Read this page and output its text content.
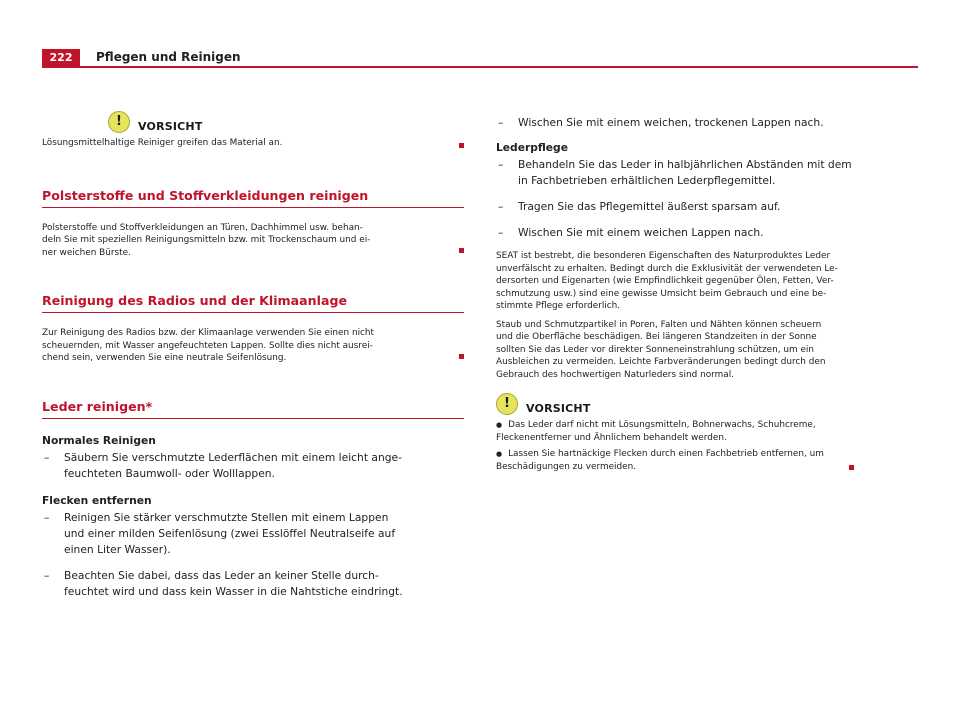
222	Pflegen und Reinigen
!	VORSICHT
Lösungsmittelhaltige Reiniger greifen das Material an.
Polsterstoffe und Stoffverkleidungen reinigen
Polsterstoffe und Stoffverkleidungen an Türen, Dachhimmel usw. behan-
deln Sie mit speziellen Reinigungsmitteln bzw. mit Trockenschaum und ei-
ner weichen Bürste.
Reinigung des Radios und der Klimaanlage
Zur Reinigung des Radios bzw. der Klimaanlage verwenden Sie einen nicht
scheuernden, mit Wasser angefeuchteten Lappen. Sollte dies nicht ausrei-
chend sein, verwenden Sie eine neutrale Seifenlösung.
Leder reinigen*
Normales Reinigen
– Säubern Sie verschmutzte Lederflächen mit einem leicht ange-
feuchteten Baumwoll- oder Wolllappen.
Flecken entfernen
– Reinigen Sie stärker verschmutzte Stellen mit einem Lappen
und einer milden Seifenlösung (zwei Esslöffel Neutralseife auf
einen Liter Wasser).
– Beachten Sie dabei, dass das Leder an keiner Stelle durch-
feuchtet wird und dass kein Wasser in die Nahtstiche eindringt.
– Wischen Sie mit einem weichen, trockenen Lappen nach.
Lederpflege
– Behandeln Sie das Leder in halbjährlichen Abständen mit dem
in Fachbetrieben erhältlichen Lederpflegemittel.
– Tragen Sie das Pflegemittel äußerst sparsam auf.
– Wischen Sie mit einem weichen Lappen nach.
SEAT ist bestrebt, die besonderen Eigenschaften des Naturproduktes Leder
unverfälscht zu erhalten. Bedingt durch die Exklusivität der verwendeten Le-
dersorten und Eigenarten (wie Empfindlichkeit gegenüber Ölen, Fetten, Ver-
schmutzung usw.) sind eine gewisse Umsicht beim Gebrauch und eine be-
stimmte Pflege erforderlich.
Staub und Schmutzpartikel in Poren, Falten und Nähten können scheuern
und die Oberfläche beschädigen. Bei längeren Standzeiten in der Sonne
sollten Sie das Leder vor direkter Sonneneinstrahlung schützen, um ein
Ausbleichen zu vermeiden. Leichte Farbveränderungen bedingt durch den
Gebrauch des hochwertigen Naturleders sind normal.
!	VORSICHT
● Das Leder darf nicht mit Lösungsmitteln, Bohnerwachs, Schuhcreme,
Fleckenentferner und Ähnlichem behandelt werden.
● Lassen Sie hartnäckige Flecken durch einen Fachbetrieb entfernen, um
Beschädigungen zu vermeiden.
